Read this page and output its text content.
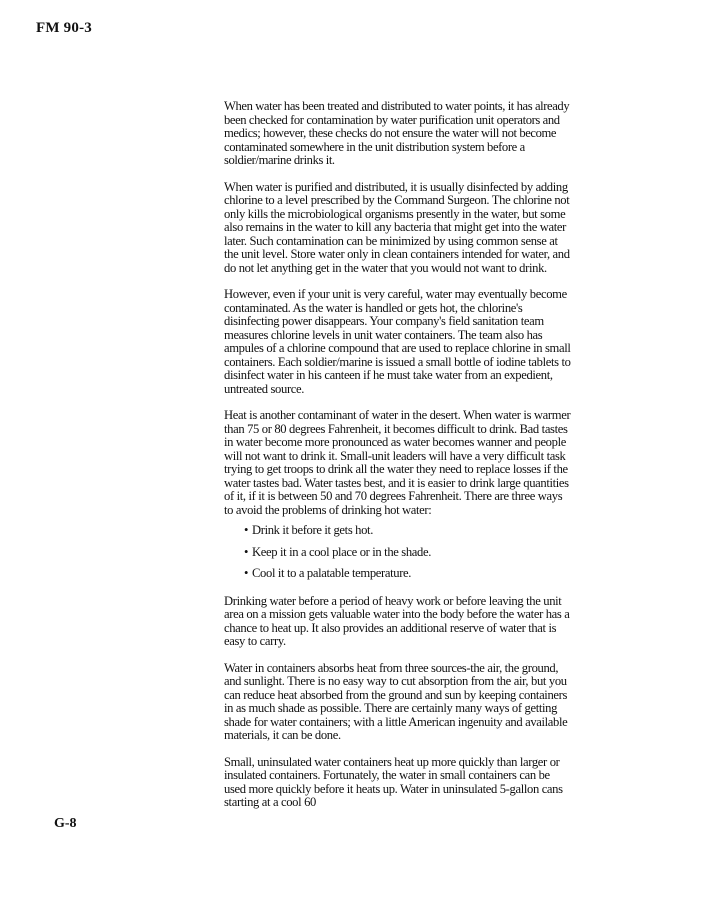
FM 90-3

When water has been treated and distributed to water points, it has already been checked for contamination by water purification unit operators and medics; however, these checks do not ensure the water will not become contaminated somewhere in the unit distribution system before a soldier/marine drinks it.

When water is purified and distributed, it is usually disinfected by adding chlorine to a level prescribed by the Command Surgeon. The chlorine not only kills the microbiological organisms presently in the water, but some also remains in the water to kill any bacteria that might get into the water later. Such contamination can be minimized by using common sense at the unit level. Store water only in clean containers intended for water, and do not let anything get in the water that you would not want to drink.

However, even if your unit is very careful, water may eventually become contaminated. As the water is handled or gets hot, the chlorine's disinfecting power disappears. Your company's field sanitation team measures chlorine levels in unit water containers. The team also has ampules of a chlorine compound that are used to replace chlorine in small containers. Each soldier/marine is issued a small bottle of iodine tablets to disinfect water in his canteen if he must take water from an expedient, untreated source.

Heat is another contaminant of water in the desert. When water is warmer than 75 or 80 degrees Fahrenheit, it becomes difficult to drink. Bad tastes in water become more pronounced as water becomes wanner and people will not want to drink it. Small-unit leaders will have a very difficult task trying to get troops to drink all the water they need to replace losses if the water tastes bad. Water tastes best, and it is easier to drink large quantities of it, if it is between 50 and 70 degrees Fahrenheit. There are three ways to avoid the problems of drinking hot water:

• Drink it before it gets hot.
• Keep it in a cool place or in the shade.
• Cool it to a palatable temperature.

Drinking water before a period of heavy work or before leaving the unit area on a mission gets valuable water into the body before the water has a chance to heat up. It also provides an additional reserve of water that is easy to carry.

Water in containers absorbs heat from three sources-the air, the ground, and sunlight. There is no easy way to cut absorption from the air, but you can reduce heat absorbed from the ground and sun by keeping containers in as much shade as possible. There are certainly many ways of getting shade for water containers; with a little American ingenuity and available materials, it can be done.

Small, uninsulated water containers heat up more quickly than larger or insulated containers. Fortunately, the water in small containers can be used more quickly before it heats up. Water in uninsulated 5-gallon cans starting at a cool 60

G-8
